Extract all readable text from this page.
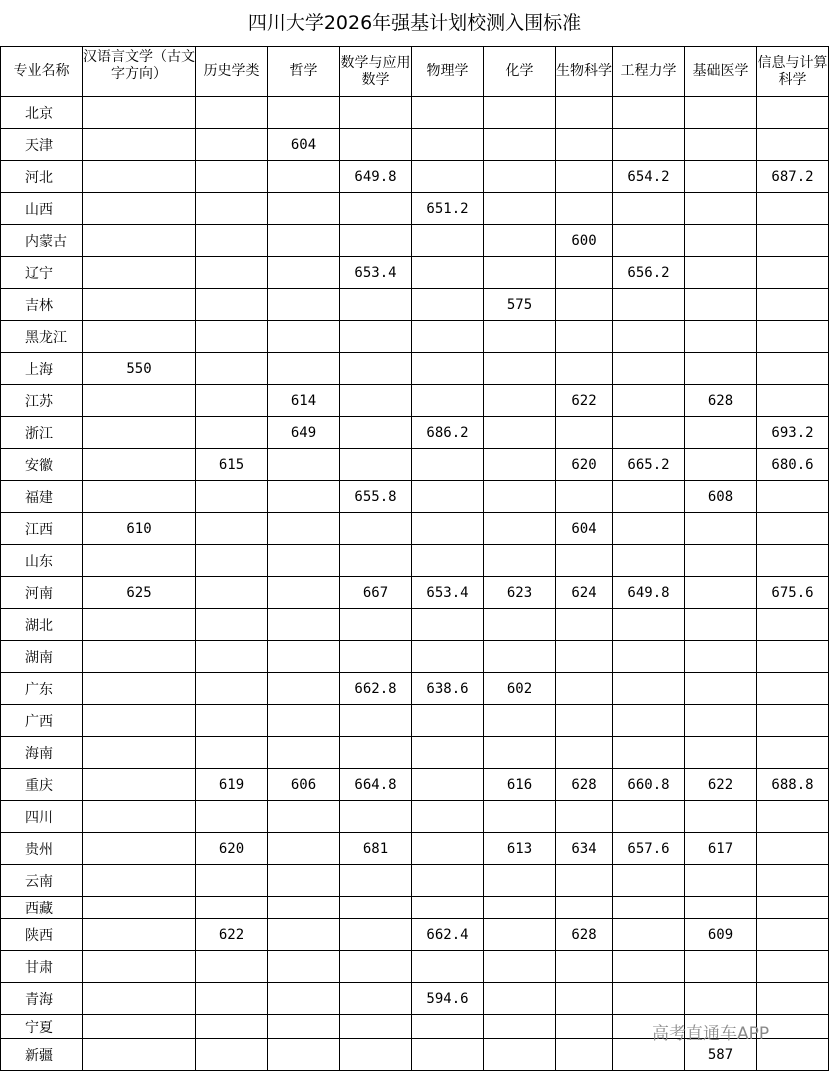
四川大学2026年强基计划校测入围标准
专业名称	汉语言文学（古文字方向）	历史学类	哲学	数学与应用数学	物理学	化学	生物科学	工程力学	基础医学	信息与计算科学

北京										
天津			604							
河北				649.8				654.2		687.2
山西					651.2					
内蒙古							600			
辽宁				653.4				656.2		
吉林						575				
黑龙江										
上海	550									
江苏			614				622		628	
浙江			649		686.2					693.2
安徽		615					620	665.2		680.6
福建				655.8					608	
江西	610						604			
山东										
河南	625			667	653.4	623	624	649.8		675.6
湖北										
湖南										
广东				662.8	638.6	602				
广西										
海南										
重庆		619	606	664.8		616	628	660.8	622	688.8
四川										
贵州		620		681		613	634	657.6	617	
云南										
西藏										
陕西		622			662.4		628		609	
甘肃										
青海					594.6					
宁夏										
新疆									587	
高考直通车APP
